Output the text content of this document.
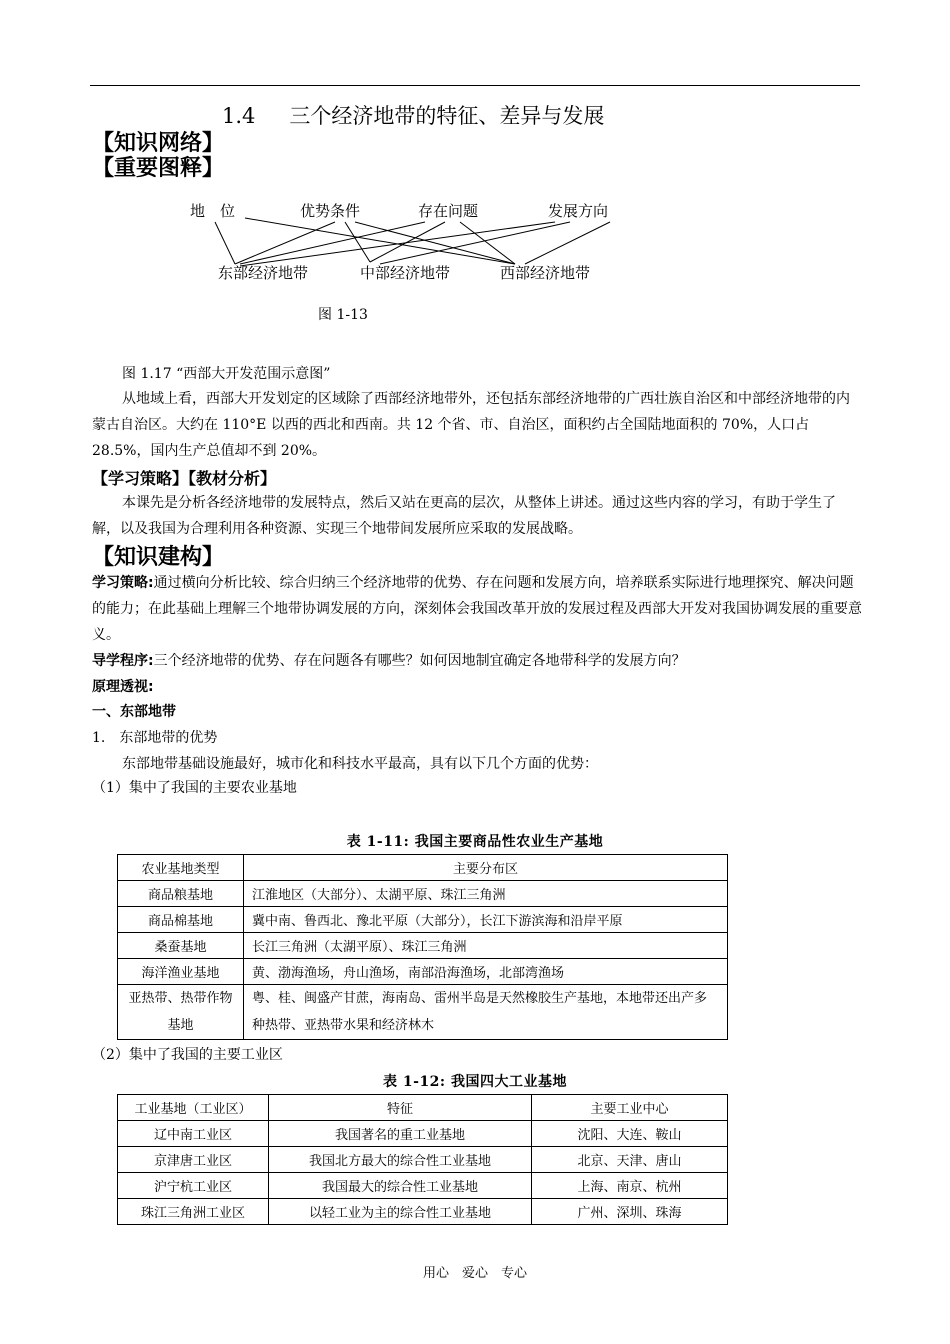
1.4 三个经济地带的特征、差异与发展
【知识网络】
【重要图释】
地　位	优势条件	存在问题	发展方向
东部经济地带	中部经济地带	西部经济地带
图 1-13
图 1.17 “西部大开发范围示意图”
从地域上看，西部大开发划定的区域除了西部经济地带外，还包括东部经济地带的广西壮族自治区和中部经济地带的内蒙古自治区。大约在 110°E 以西的西北和西南。共 12 个省、市、自治区，面积约占全国陆地面积的 70%，人口占 28.5%，国内生产总值却不到 20%。
【学习策略】【教材分析】
本课先是分析各经济地带的发展特点，然后又站在更高的层次，从整体上讲述。通过这些内容的学习，有助于学生了解，以及我国为合理利用各种资源、实现三个地带间发展所应采取的发展战略。
【知识建构】
学习策略:通过横向分析比较、综合归纳三个经济地带的优势、存在问题和发展方向，培养联系实际进行地理探究、解决问题的能力；在此基础上理解三个地带协调发展的方向，深刻体会我国改革开放的发展过程及西部大开发对我国协调发展的重要意义。
导学程序:三个经济地带的优势、存在问题各有哪些？如何因地制宜确定各地带科学的发展方向？
原理透视:
一、东部地带
1.　东部地带的优势
东部地带基础设施最好，城市化和科技水平最高，具有以下几个方面的优势：
（1）集中了我国的主要农业基地
表 1-11: 我国主要商品性农业生产基地
农业基地类型	主要分布区
商品粮基地	江淮地区（大部分）、太湖平原、珠江三角洲
商品棉基地	冀中南、鲁西北、豫北平原（大部分），长江下游滨海和沿岸平原
桑蚕基地	长江三角洲（太湖平原）、珠江三角洲
海洋渔业基地	黄、渤海渔场，舟山渔场，南部沿海渔场，北部湾渔场
亚热带、热带作物基地	粤、桂、闽盛产甘蔗，海南岛、雷州半岛是天然橡胶生产基地，本地带还出产多种热带、亚热带水果和经济林木
（2）集中了我国的主要工业区
表 1-12: 我国四大工业基地
工业基地（工业区）	特征	主要工业中心
辽中南工业区	我国著名的重工业基地	沈阳、大连、鞍山
京津唐工业区	我国北方最大的综合性工业基地	北京、天津、唐山
沪宁杭工业区	我国最大的综合性工业基地	上海、南京、杭州
珠江三角洲工业区	以轻工业为主的综合性工业基地	广州、深圳、珠海
用心　爱心　专心
